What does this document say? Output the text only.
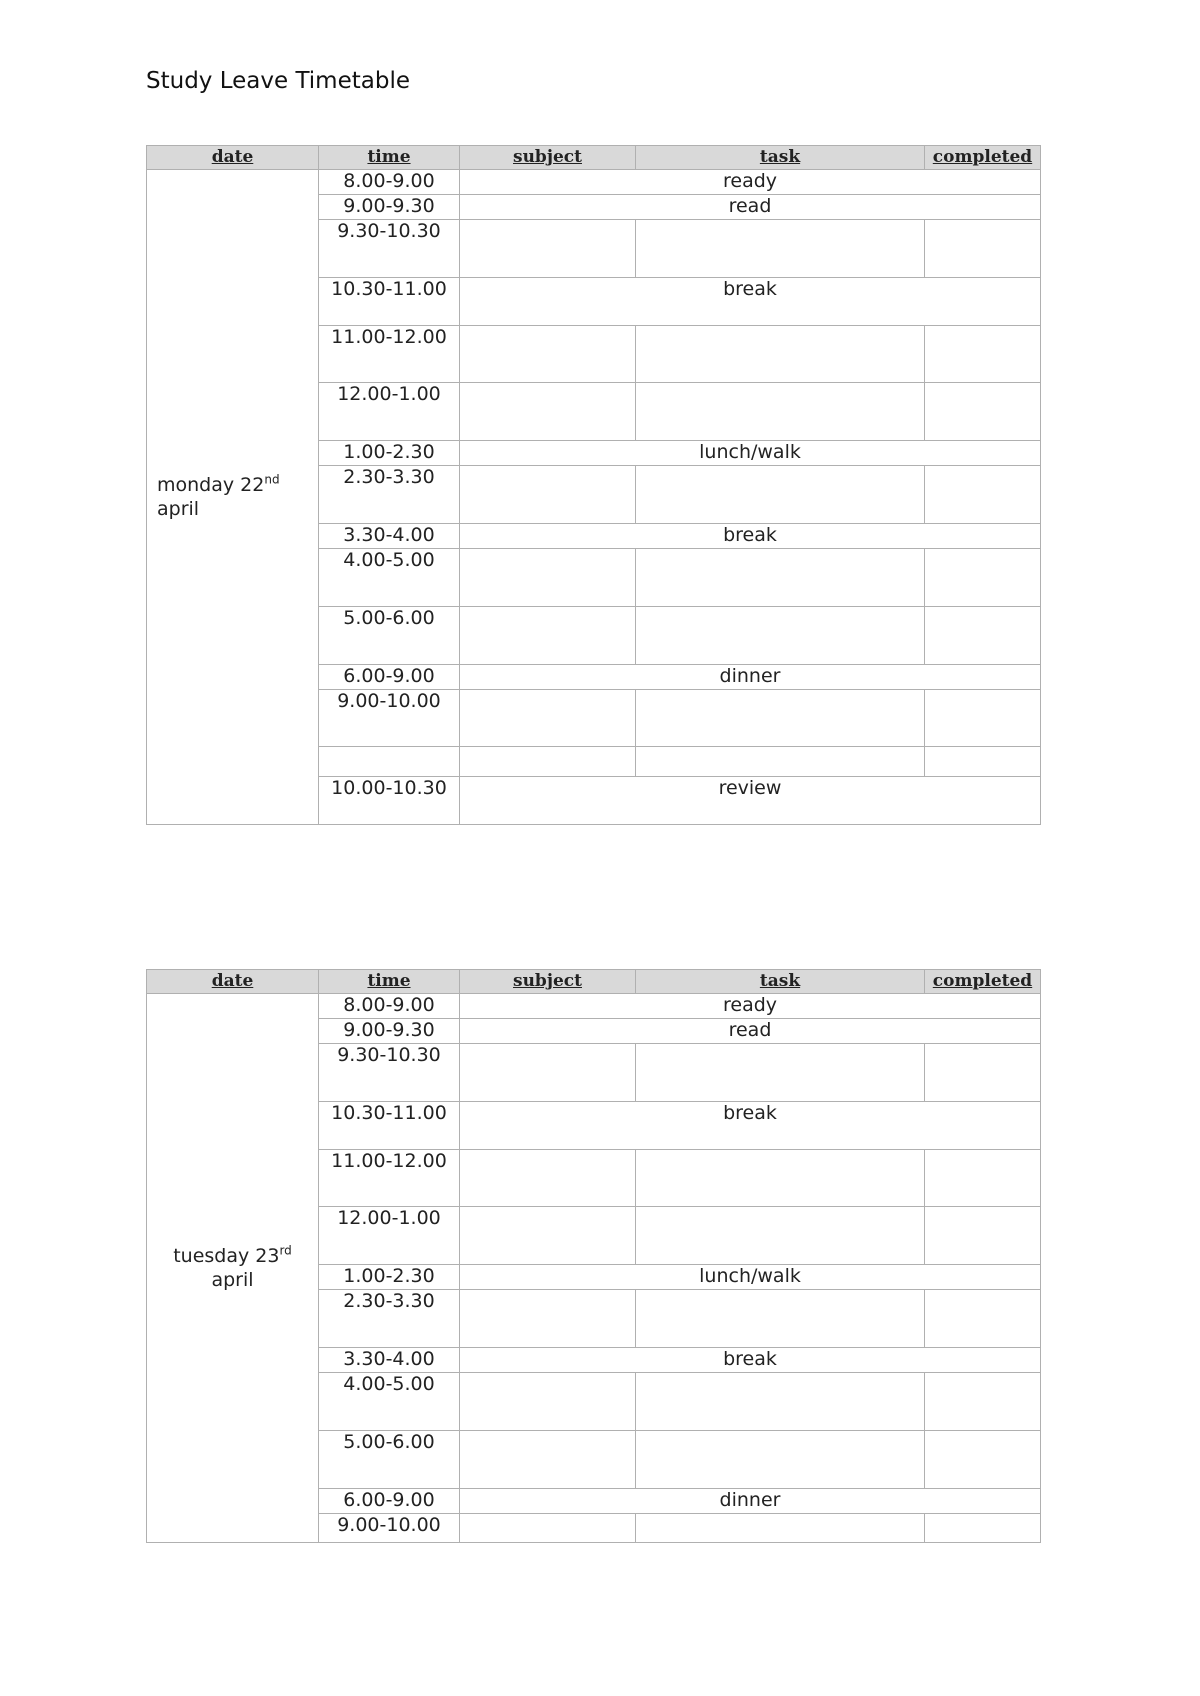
Study Leave Timetable
date	time	subject	task	completed
monday 22nd
april	8.00-9.00	ready		
	9.00-9.30	read		
	9.30-10.30			
	10.30-11.00	break		
	11.00-12.00			
	12.00-1.00			
	1.00-2.30	lunch/walk		
	2.30-3.30			
	3.30-4.00	break		
	4.00-5.00			
	5.00-6.00			
	6.00-9.00	dinner		
	9.00-10.00			

	10.00-10.30	review		
date	time	subject	task	completed
tuesday 23rd
april	8.00-9.00	ready		
	9.00-9.30	read		
	9.30-10.30			
	10.30-11.00	break		
	11.00-12.00			
	12.00-1.00			
	1.00-2.30	lunch/walk		
	2.30-3.30			
	3.30-4.00	break		
	4.00-5.00			
	5.00-6.00			
	6.00-9.00	dinner		
	9.00-10.00			
